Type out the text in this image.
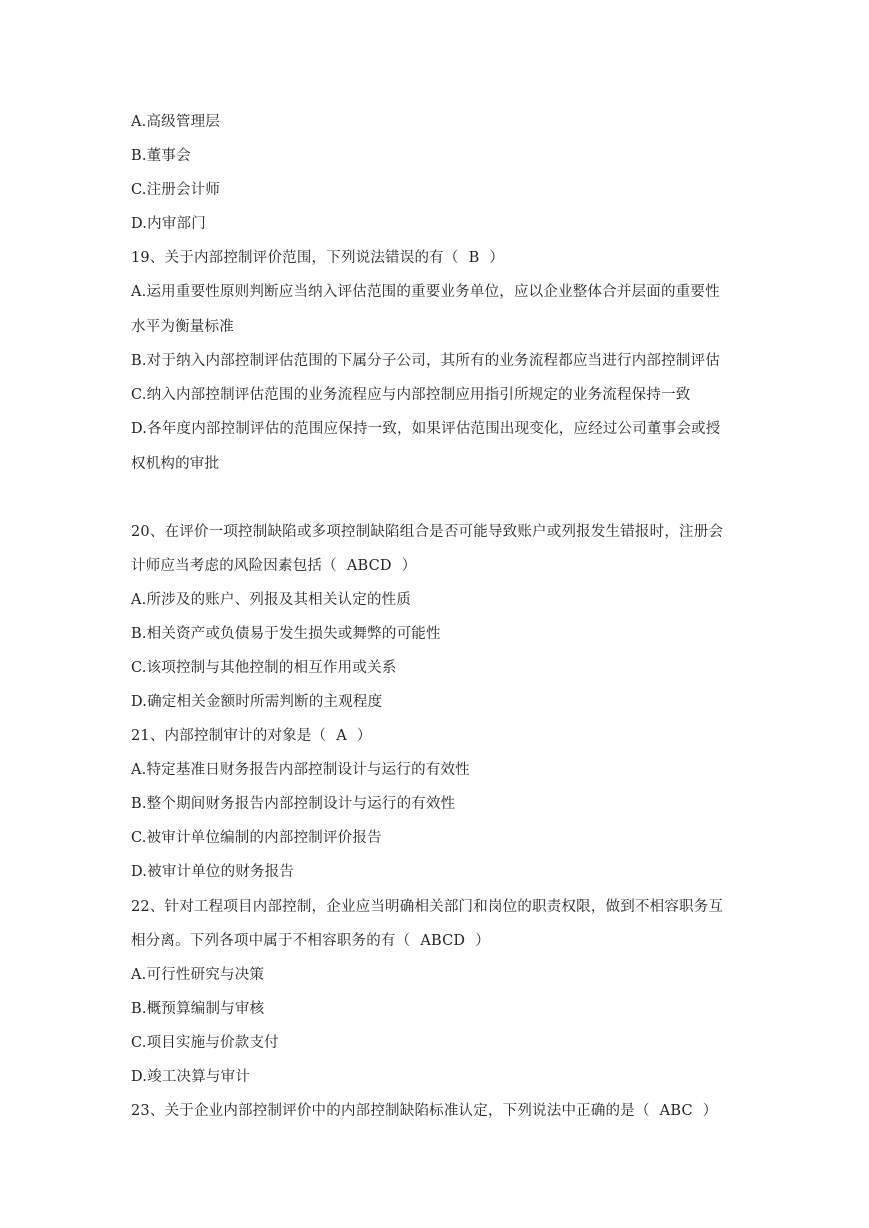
A.高级管理层
B.董事会
C.注册会计师
D.内审部门
19、关于内部控制评价范围，下列说法错误的有（ B ）
A.运用重要性原则判断应当纳入评估范围的重要业务单位，应以企业整体合并层面的重要性
水平为衡量标准
B.对于纳入内部控制评估范围的下属分子公司，其所有的业务流程都应当进行内部控制评估
C.纳入内部控制评估范围的业务流程应与内部控制应用指引所规定的业务流程保持一致
D.各年度内部控制评估的范围应保持一致，如果评估范围出现变化，应经过公司董事会或授
权机构的审批
20、在评价一项控制缺陷或多项控制缺陷组合是否可能导致账户或列报发生错报时，注册会
计师应当考虑的风险因素包括（ ABCD ）
A.所涉及的账户、列报及其相关认定的性质
B.相关资产或负债易于发生损失或舞弊的可能性
C.该项控制与其他控制的相互作用或关系
D.确定相关金额时所需判断的主观程度
21、内部控制审计的对象是（ A ）
A.特定基准日财务报告内部控制设计与运行的有效性
B.整个期间财务报告内部控制设计与运行的有效性
C.被审计单位编制的内部控制评价报告
D.被审计单位的财务报告
22、针对工程项目内部控制，企业应当明确相关部门和岗位的职责权限，做到不相容职务互
相分离。下列各项中属于不相容职务的有（ ABCD ）
A.可行性研究与决策
B.概预算编制与审核
C.项目实施与价款支付
D.竣工决算与审计
23、关于企业内部控制评价中的内部控制缺陷标准认定，下列说法中正确的是（ ABC ）
